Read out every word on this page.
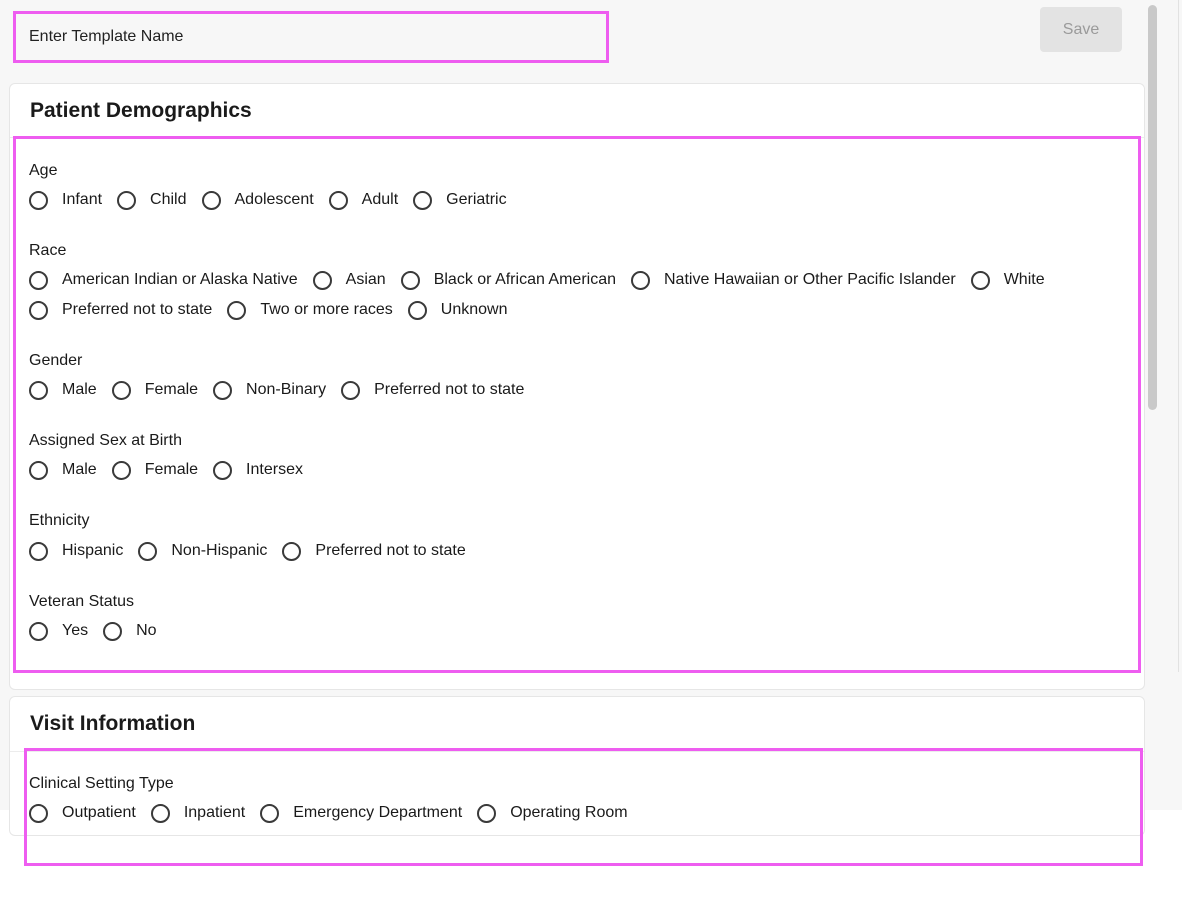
Enter Template Name
Save
Patient Demographics
Age
Infant	Child	Adolescent	Adult	Geriatric
Race
American Indian or Alaska Native	Asian	Black or African American	Native Hawaiian or Other Pacific Islander	White
Preferred not to state	Two or more races	Unknown
Gender
Male	Female	Non-Binary	Preferred not to state
Assigned Sex at Birth
Male	Female	Intersex
Ethnicity
Hispanic	Non-Hispanic	Preferred not to state
Veteran Status
Yes	No
Visit Information
Clinical Setting Type
Outpatient	Inpatient	Emergency Department	Operating Room
